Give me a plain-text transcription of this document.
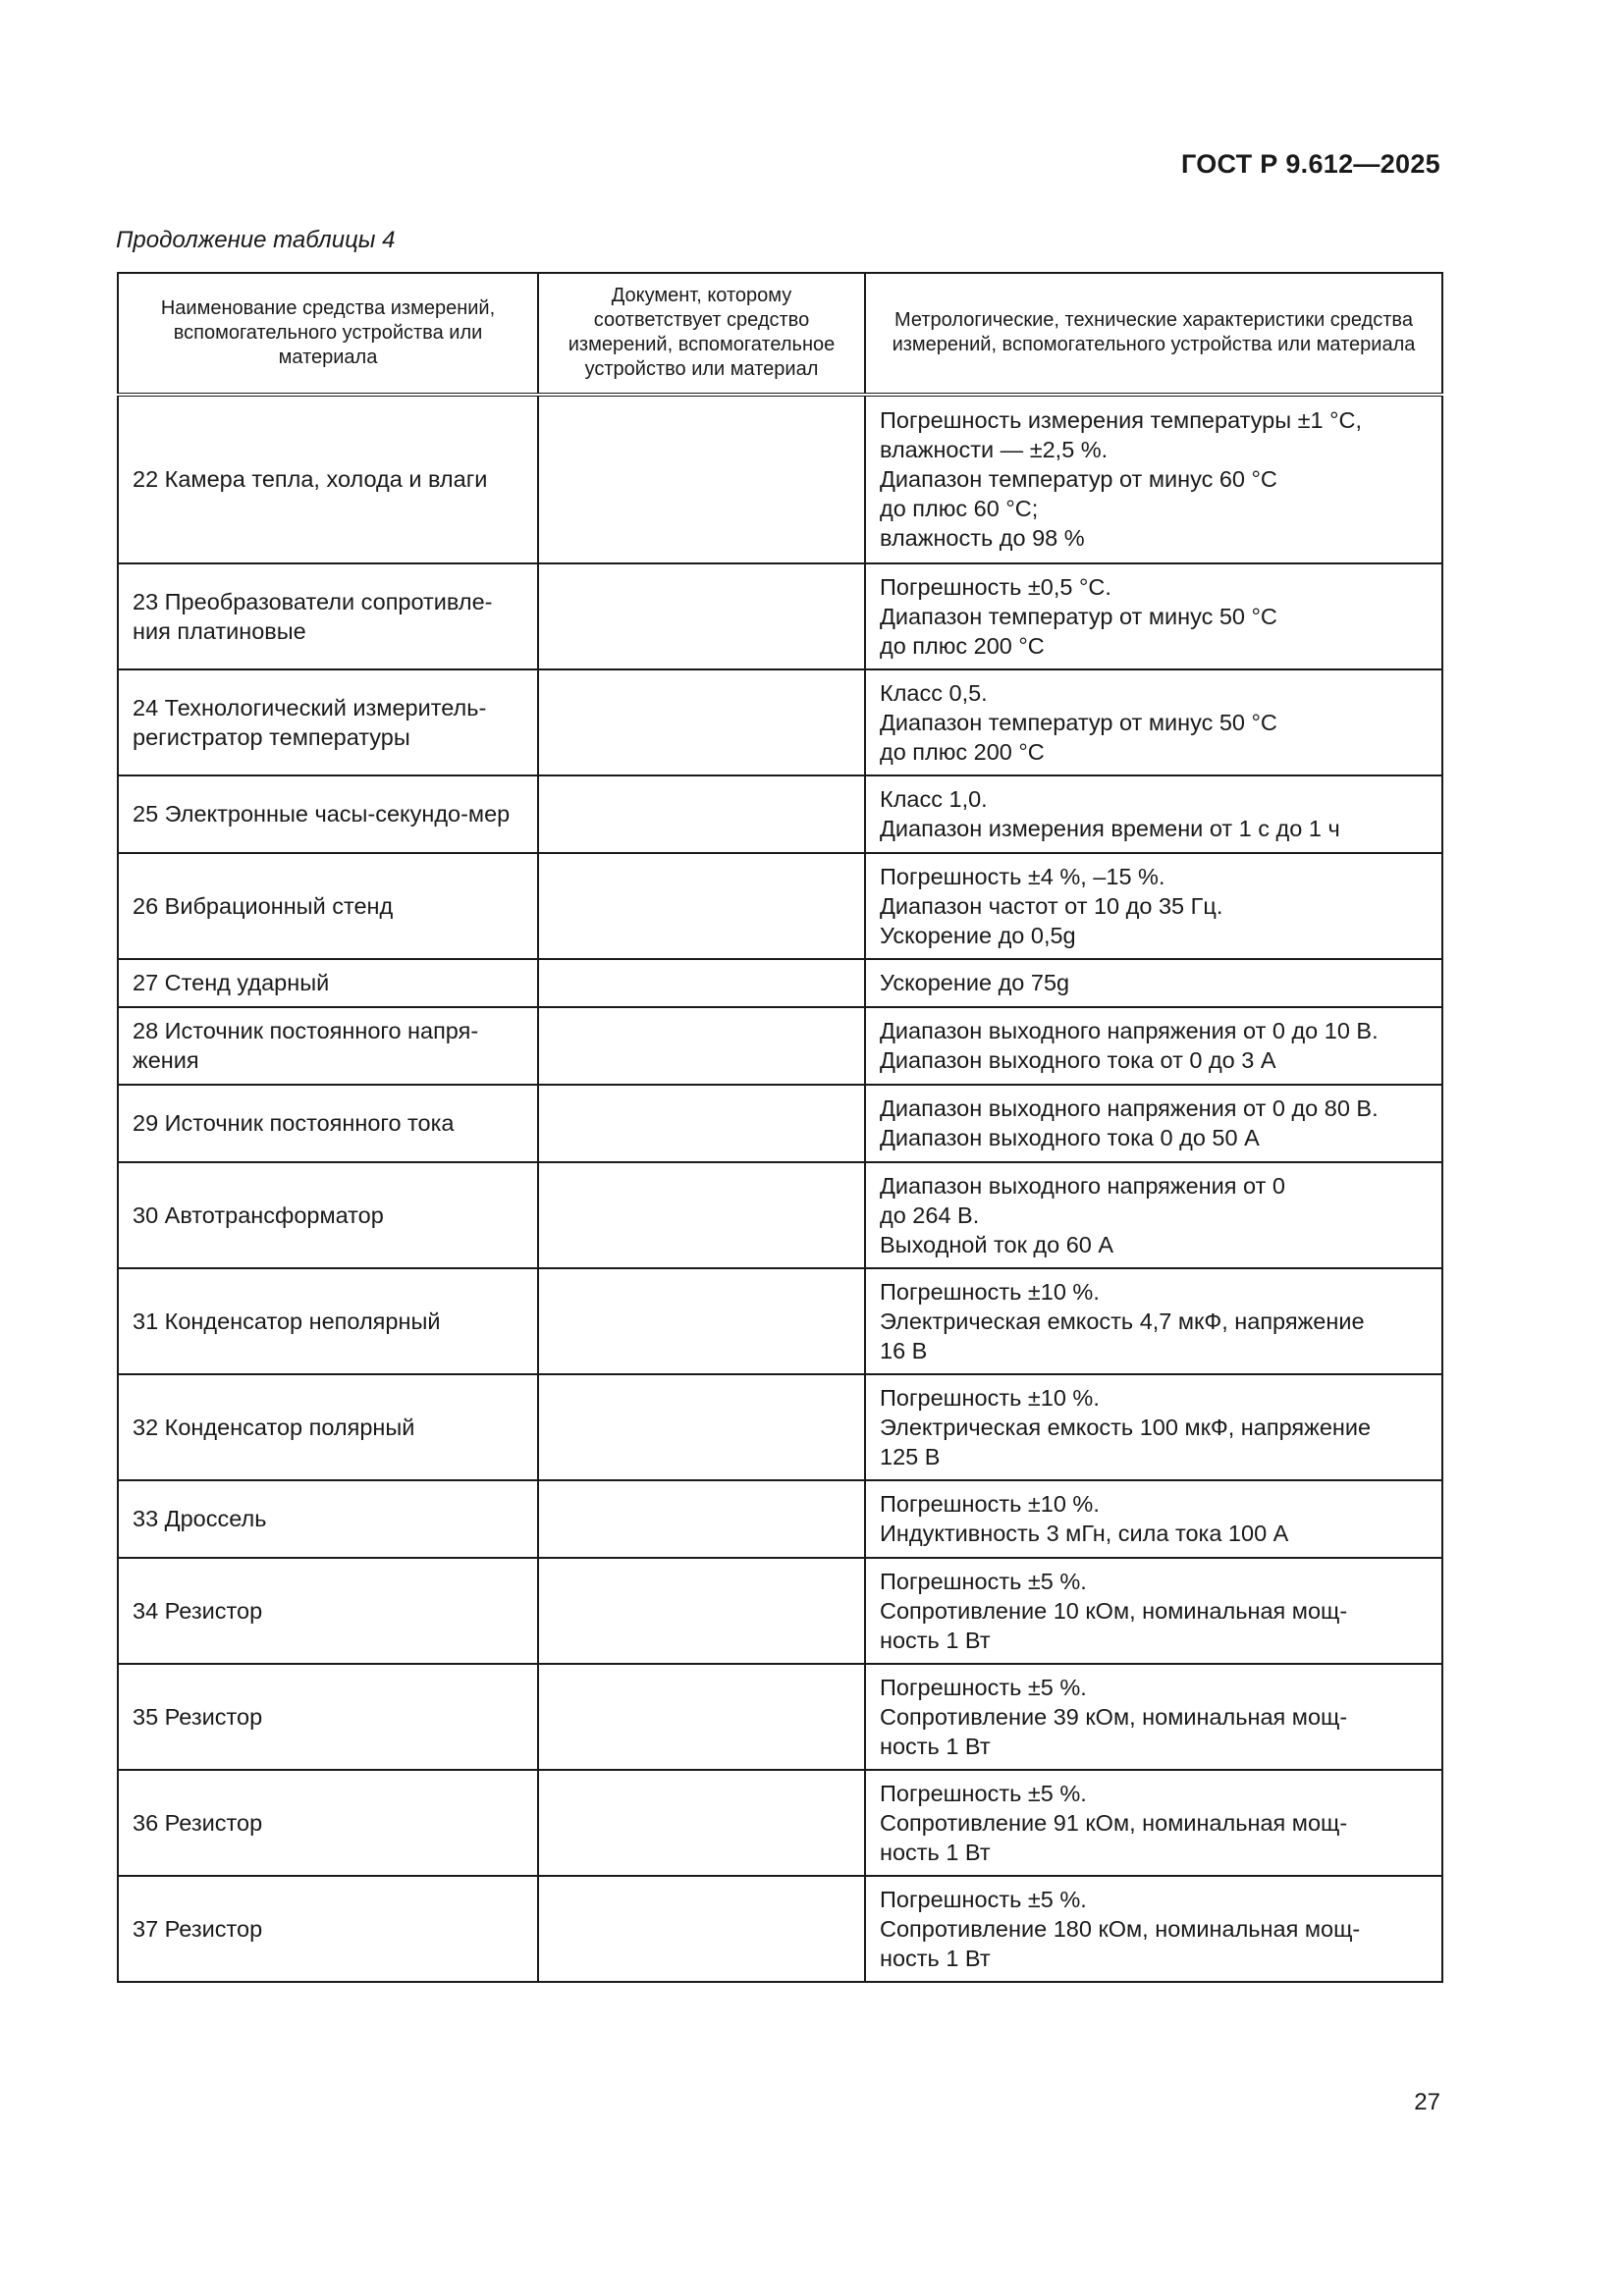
ГОСТ Р 9.612—2025
Продолжение таблицы 4
Наименование средства измерений, вспомогательного устройства или материала	Документ, которому соответствует средство измерений, вспомогательное устройство или материал	Метрологические, технические характеристики средства измерений, вспомогательного устройства или материала
22 Камера тепла, холода и влаги		Погрешность измерения температуры ±1 °С,
влажности — ±2,5 %.
Диапазон температур от минус 60 °С
до плюс 60 °С;
влажность до 98 %

23 Преобразователи сопротивле-ния платиновые		Погрешность ±0,5 °С.
Диапазон температур от минус 50 °С
до плюс 200 °С

24 Технологический измеритель-регистратор температуры		Класс 0,5.
Диапазон температур от минус 50 °С
до плюс 200 °С

25 Электронные часы-секундо-мер		Класс 1,0.
Диапазон измерения времени от 1 с до 1 ч

26 Вибрационный стенд		Погрешность ±4 %, –15 %.
Диапазон частот от 10 до 35 Гц.
Ускорение до 0,5g

27 Стенд ударный		Ускорение до 75g

28 Источник постоянного напря-жения		Диапазон выходного напряжения от 0 до 10 В.
Диапазон выходного тока от 0 до 3 А

29 Источник постоянного тока		Диапазон выходного напряжения от 0 до 80 В.
Диапазон выходного тока 0 до 50 А

30 Автотрансформатор		Диапазон выходного напряжения от 0
до 264 В.
Выходной ток до 60 А

31 Конденсатор неполярный		Погрешность ±10 %.
Электрическая емкость 4,7 мкФ, напряжение
16 В

32 Конденсатор полярный		Погрешность ±10 %.
Электрическая емкость 100 мкФ, напряжение
125 В

33 Дроссель		Погрешность ±10 %.
Индуктивность 3 мГн, сила тока 100 А

34 Резистор		Погрешность ±5 %.
Сопротивление 10 кОм, номинальная мощ-
ность 1 Вт

35 Резистор		Погрешность ±5 %.
Сопротивление 39 кОм, номинальная мощ-
ность 1 Вт

36 Резистор		Погрешность ±5 %.
Сопротивление 91 кОм, номинальная мощ-
ность 1 Вт

37 Резистор		Погрешность ±5 %.
Сопротивление 180 кОм, номинальная мощ-
ность 1 Вт
27
